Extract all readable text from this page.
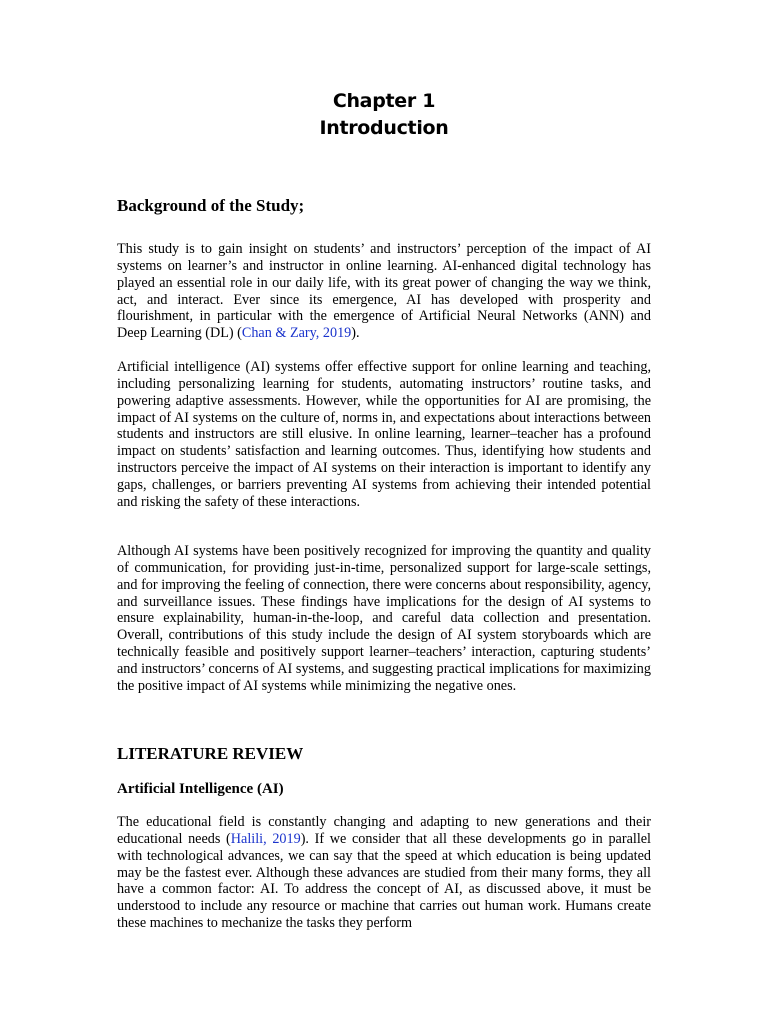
Chapter 1
Introduction
Background of the Study;

This study is to gain insight on students’ and instructors’ perception of the impact of AI systems on learner’s and instructor in online learning. AI-enhanced digital technology has played an essential role in our daily life, with its great power of changing the way we think, act, and interact. Ever since its emergence, AI has developed with prosperity and flourishment, in particular with the emergence of Artificial Neural Networks (ANN) and Deep Learning (DL) (Chan & Zary, 2019).

Artificial intelligence (AI) systems offer effective support for online learning and teaching, including personalizing learning for students, automating instructors’ routine tasks, and powering adaptive assessments. However, while the opportunities for AI are promising, the impact of AI systems on the culture of, norms in, and expectations about interactions between students and instructors are still elusive. In online learning, learner–teacher has a profound impact on students’ satisfaction and learning outcomes. Thus, identifying how students and instructors perceive the impact of AI systems on their interaction is important to identify any gaps, challenges, or barriers preventing AI systems from achieving their intended potential and risking the safety of these interactions.

Although AI systems have been positively recognized for improving the quantity and quality of communication, for providing just-in-time, personalized support for large-scale settings, and for improving the feeling of connection, there were concerns about responsibility, agency, and surveillance issues. These findings have implications for the design of AI systems to ensure explainability, human-in-the-loop, and careful data collection and presentation. Overall, contributions of this study include the design of AI system storyboards which are technically feasible and positively support learner–teachers’ interaction, capturing students’ and instructors’ concerns of AI systems, and suggesting practical implications for maximizing the positive impact of AI systems while minimizing the negative ones.

LITERATURE REVIEW
Artificial Intelligence (AI)

The educational field is constantly changing and adapting to new generations and their educational needs (Halili, 2019). If we consider that all these developments go in parallel with technological advances, we can say that the speed at which education is being updated may be the fastest ever. Although these advances are studied from their many forms, they all have a common factor: AI. To address the concept of AI, as discussed above, it must be understood to include any resource or machine that carries out human work. Humans create these machines to mechanize the tasks they perform
